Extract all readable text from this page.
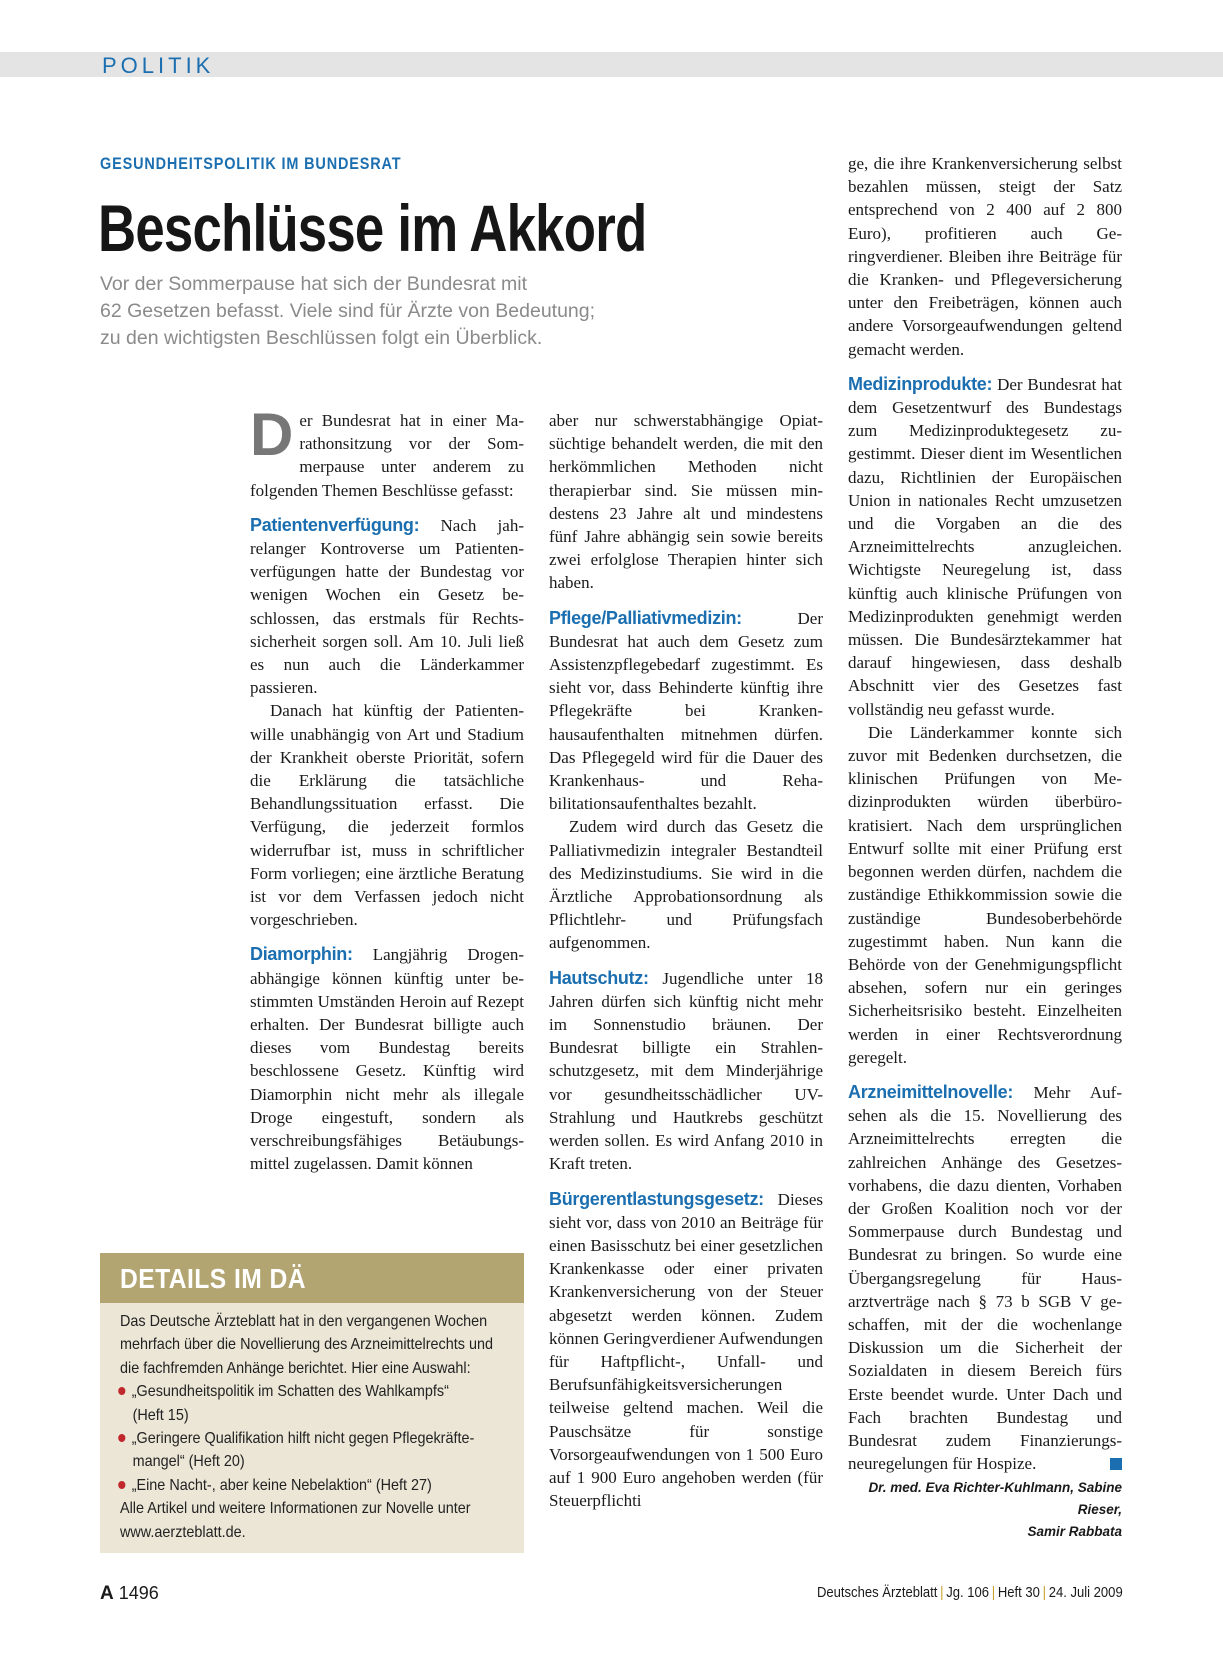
POLITIK
GESUNDHEITSPOLITIK IM BUNDESRAT
Beschlüsse im Akkord
Vor der Sommerpause hat sich der Bundesrat mit
62 Gesetzen befasst. Viele sind für Ärzte von Bedeutung;
zu den wichtigsten Beschlüssen folgt ein Überblick.

Der Bundesrat hat in einer Marathonsitzung vor der Sommerpause unter anderem zu folgenden Themen Beschlüsse gefasst:

Patientenverfügung: Nach jahrelanger Kontroverse um Patientenverfügungen hatte der Bundestag vor wenigen Wochen ein Gesetz beschlossen, das erstmals für Rechtssicherheit sorgen soll. Am 10. Juli ließ es nun auch die Länderkammer passieren.

Danach hat künftig der Patientenwille unabhängig von Art und Stadium der Krankheit oberste Priorität, sofern die Erklärung die tatsächliche Behandlungssituation erfasst. Die Verfügung, die jederzeit formlos widerrufbar ist, muss in schriftlicher Form vorliegen; eine ärztliche Beratung ist vor dem Verfassen jedoch nicht vorgeschrieben.

Diamorphin: Langjährig Drogenabhängige können künftig unter bestimmten Umständen Heroin auf Rezept erhalten. Der Bundesrat billigte auch dieses vom Bundestag bereits beschlossene Gesetz. Künftig wird Diamorphin nicht mehr als illegale Droge eingestuft, sondern als verschreibungsfähiges Betäubungsmittel zugelassen. Damit können

aber nur schwerstabhängige Opiatsüchtige behandelt werden, die mit den herkömmlichen Methoden nicht therapierbar sind. Sie müssen mindestens 23 Jahre alt und mindestens fünf Jahre abhängig sein sowie bereits zwei erfolglose Therapien hinter sich haben.

Pflege/Palliativmedizin:	Der Bundesrat hat auch dem Gesetz zum Assistenzpflegebedarf zugestimmt. Es sieht vor, dass Behinderte künftig ihre Pflegekräfte bei Krankenhausaufenthalten mitnehmen dürfen. Das Pflegegeld wird für die Dauer des Krankenhaus- und Rehabilitationsaufenthaltes bezahlt.

Zudem wird durch das Gesetz die Palliativmedizin integraler Bestandteil des Medizinstudiums. Sie wird in die Ärztliche Approbationsordnung als Pflichtlehr- und Prüfungsfach aufgenommen.

Hautschutz: Jugendliche unter 18 Jahren dürfen sich künftig nicht mehr im Sonnenstudio bräunen. Der Bundesrat billigte ein Strahlenschutzgesetz, mit dem Minderjährige vor gesundheitsschädlicher UV-Strahlung und Hautkrebs geschützt werden sollen. Es wird Anfang 2010 in Kraft treten.

Bürgerentlastungsgesetz: Dieses sieht vor, dass von 2010 an Beiträge für einen Basisschutz bei einer gesetzlichen Krankenkasse oder einer privaten Krankenversicherung von der Steuer abgesetzt werden können. Zudem können Geringverdiener Aufwendungen für Haftpflicht-, Unfall- und Berufsunfähigkeitsversicherungen teilweise geltend machen. Weil die Pauschsätze für sonstige Vorsorgeaufwendungen von 1 500 Euro auf 1 900 Euro angehoben werden (für Steuerpflichti

ge, die ihre Krankenversicherung selbst bezahlen müssen, steigt der Satz entsprechend von 2 400 auf 2 800 Euro), profitieren auch Geringverdiener. Bleiben ihre Beiträge für die Kranken- und Pflegeversicherung unter den Freibeträgen, können auch andere Vorsorgeaufwendungen geltend gemacht werden.

Medizinprodukte: Der Bundesrat hat dem Gesetzentwurf des Bundestags zum Medizinproduktegesetz zugestimmt. Dieser dient im Wesentlichen dazu, Richtlinien der Europäischen Union in nationales Recht umzusetzen und die Vorgaben an die des Arzneimittelrechts anzugleichen. Wichtigste Neuregelung ist, dass künftig auch klinische Prüfungen von Medizinprodukten genehmigt werden müssen. Die Bundesärztekammer hat darauf hingewiesen, dass deshalb Abschnitt vier des Gesetzes fast vollständig neu gefasst wurde.

Die Länderkammer konnte sich zuvor mit Bedenken durchsetzen, die klinischen Prüfungen von Medizinprodukten würden überbürokratisiert. Nach dem ursprünglichen Entwurf sollte mit einer Prüfung erst begonnen werden dürfen, nachdem die zuständige Ethikkommission sowie die zuständige Bundesoberbehörde zugestimmt haben. Nun kann die Behörde von der Genehmigungspflicht absehen, sofern nur ein geringes Sicherheitsrisiko besteht. Einzelheiten werden in einer Rechtsverordnung geregelt.

Arzneimittelnovelle: Mehr Aufsehen als die 15. Novellierung des Arzneimittelrechts erregten die zahlreichen Anhänge des Gesetzesvorhabens, die dazu dienten, Vorhaben der Großen Koalition noch vor der Sommerpause durch Bundestag und Bundesrat zu bringen. So wurde eine Übergangsregelung für Hausarztverträge nach § 73 b SGB V geschaffen, mit der die wochenlange Diskussion um die Sicherheit der Sozialdaten in diesem Bereich fürs Erste beendet wurde. Unter Dach und Fach brachten Bundestag und Bundesrat zudem Finanzierungsneuregelungen für Hospize.

Dr. med. Eva Richter-Kuhlmann, Sabine Rieser,
Samir Rabbata
DETAILS IM DÄ
Das Deutsche Ärzteblatt hat in den vergangenen Wochen
mehrfach über die Novellierung des Arzneimittelrechts und
die fachfremden Anhänge berichtet. Hier eine Auswahl:
„Gesundheitspolitik im Schatten des Wahlkampfs“
(Heft 15)
„Geringere Qualifikation hilft nicht gegen Pflegekräfte-
mangel“ (Heft 20)
„Eine Nacht-, aber keine Nebelaktion“ (Heft 27)
Alle Artikel und weitere Informationen zur Novelle unter
www.aerzteblatt.de.
A 1496	Deutsches Ärzteblatt | Jg. 106 | Heft 30 | 24. Juli 2009
